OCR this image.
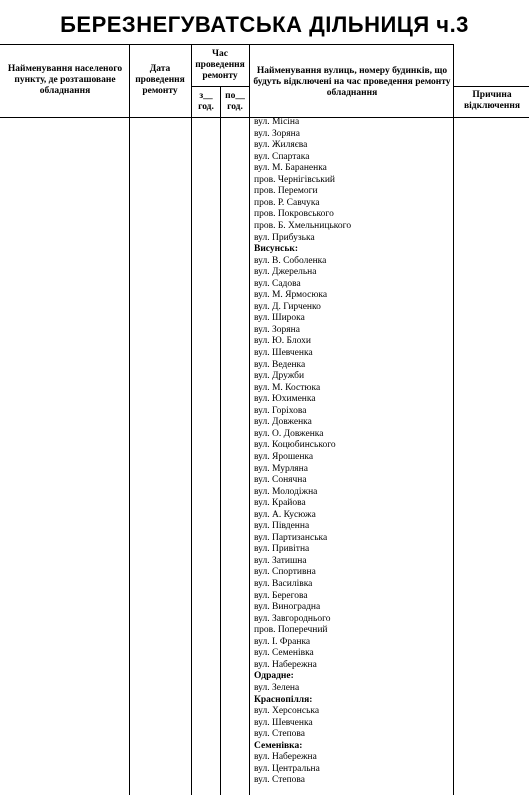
БЕРЕЗНЕГУВАТСЬКА ДІЛЬНИЦЯ ч.3
Найменування населеного пункту, де розташоване обладнання
Дата проведення ремонту
Час проведення ремонту
з__ год.
по__ год.
Найменування вулиць, номеру будинків, що будуть відключені на час проведення ремонту обладнання	Причина відключення
вул. Місіна
вул. Зоряна
вул. Жиляєва
вул. Спартака
вул. М. Бараненка
пров. Чернігівський
пров. Перемоги
пров. Р. Савчука
пров. Покровського
пров. Б. Хмельницького
вул. Прибузька
Висунськ:
вул. В. Соболенка
вул. Джерельна
вул. Садова
вул. М. Ярмосюка
вул. Д. Гирченко
вул. Широка
вул. Зоряна
вул. Ю. Блохи
вул. Шевченка
вул. Веденка
вул. Дружби
вул. М. Костюка
вул. Юхименка
вул. Горіхова
вул. Довженка
вул. О. Довженка
вул. Коцюбинського
вул. Ярошенка
вул. Мурляна
вул. Сонячна
вул. Молодіжна
вул. Крайова
вул. А. Кусюжа
вул. Південна
вул. Партизанська
вул. Привітна
вул. Затишна
вул. Спортивна
вул. Василівка
вул. Берегова
вул. Виноградна
вул. Завгороднього
пров. Поперечний
вул. І. Франка
вул. Семенівка
вул. Набережна
Одрадне:
вул. Зелена
Краснопілля:
вул. Херсонська
вул. Шевченка
вул. Степова
Семенівка:
вул. Набережна
вул. Центральна
вул. Степова
